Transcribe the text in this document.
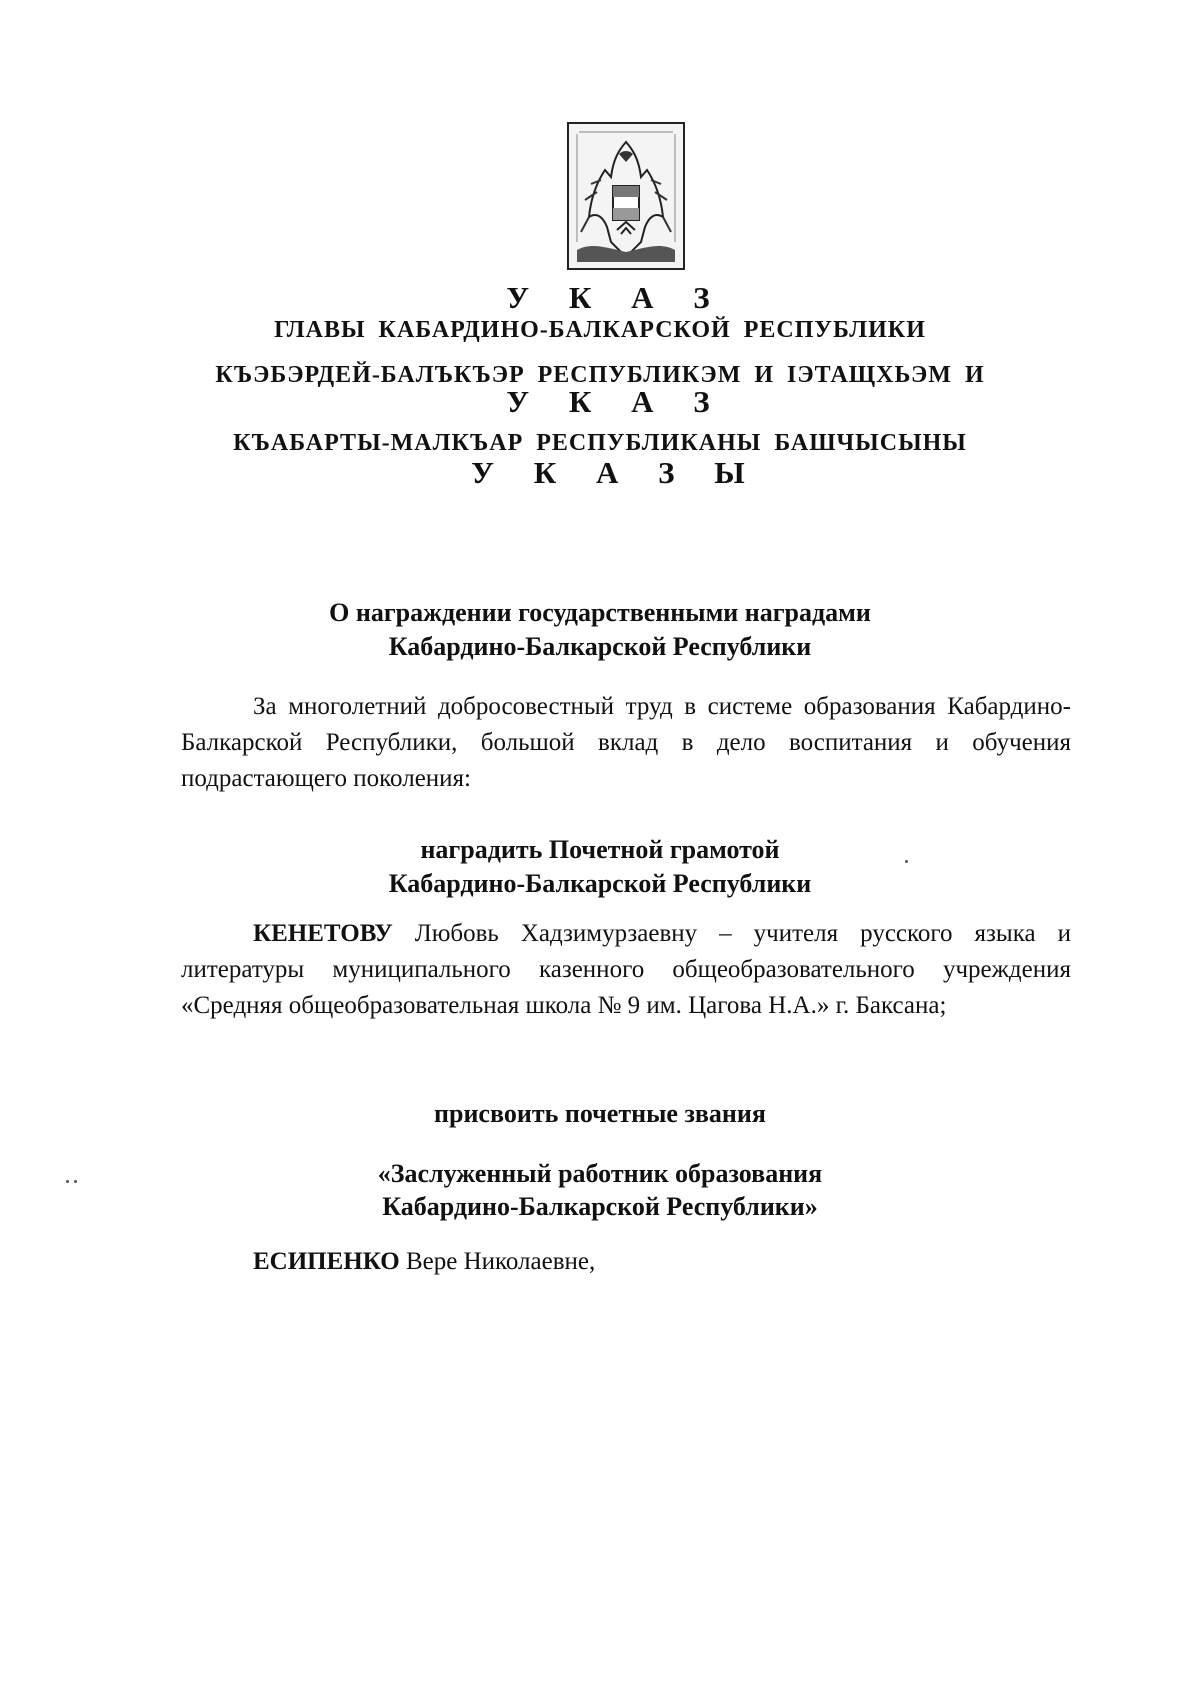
У К А З
ГЛАВЫ КАБАРДИНО-БАЛКАРСКОЙ РЕСПУБЛИКИ
КЪЭБЭРДЕЙ-БАЛЪКЪЭР РЕСПУБЛИКЭМ И ІЭТАЩХЬЭМ И
У К А З
КЪАБАРТЫ-МАЛКЪАР РЕСПУБЛИКАНЫ БАШЧЫСЫНЫ
У К А З Ы
О награждении государственными наградами
Кабардино-Балкарской Республики
За многолетний добросовестный труд в системе образования Кабардино-Балкарской Республики, большой вклад в дело воспитания и обучения подрастающего поколения:
наградить Почетной грамотой
Кабардино-Балкарской Республики
КЕНЕТОВУ Любовь Хадзимурзаевну – учителя русского языка и литературы муниципального казенного общеобразовательного учреждения «Средняя общеобразовательная школа № 9 им. Цагова Н.А.» г. Баксана;
присвоить почетные звания
«Заслуженный работник образования
Кабардино-Балкарской Республики»
ЕСИПЕНКО Вере Николаевне,
